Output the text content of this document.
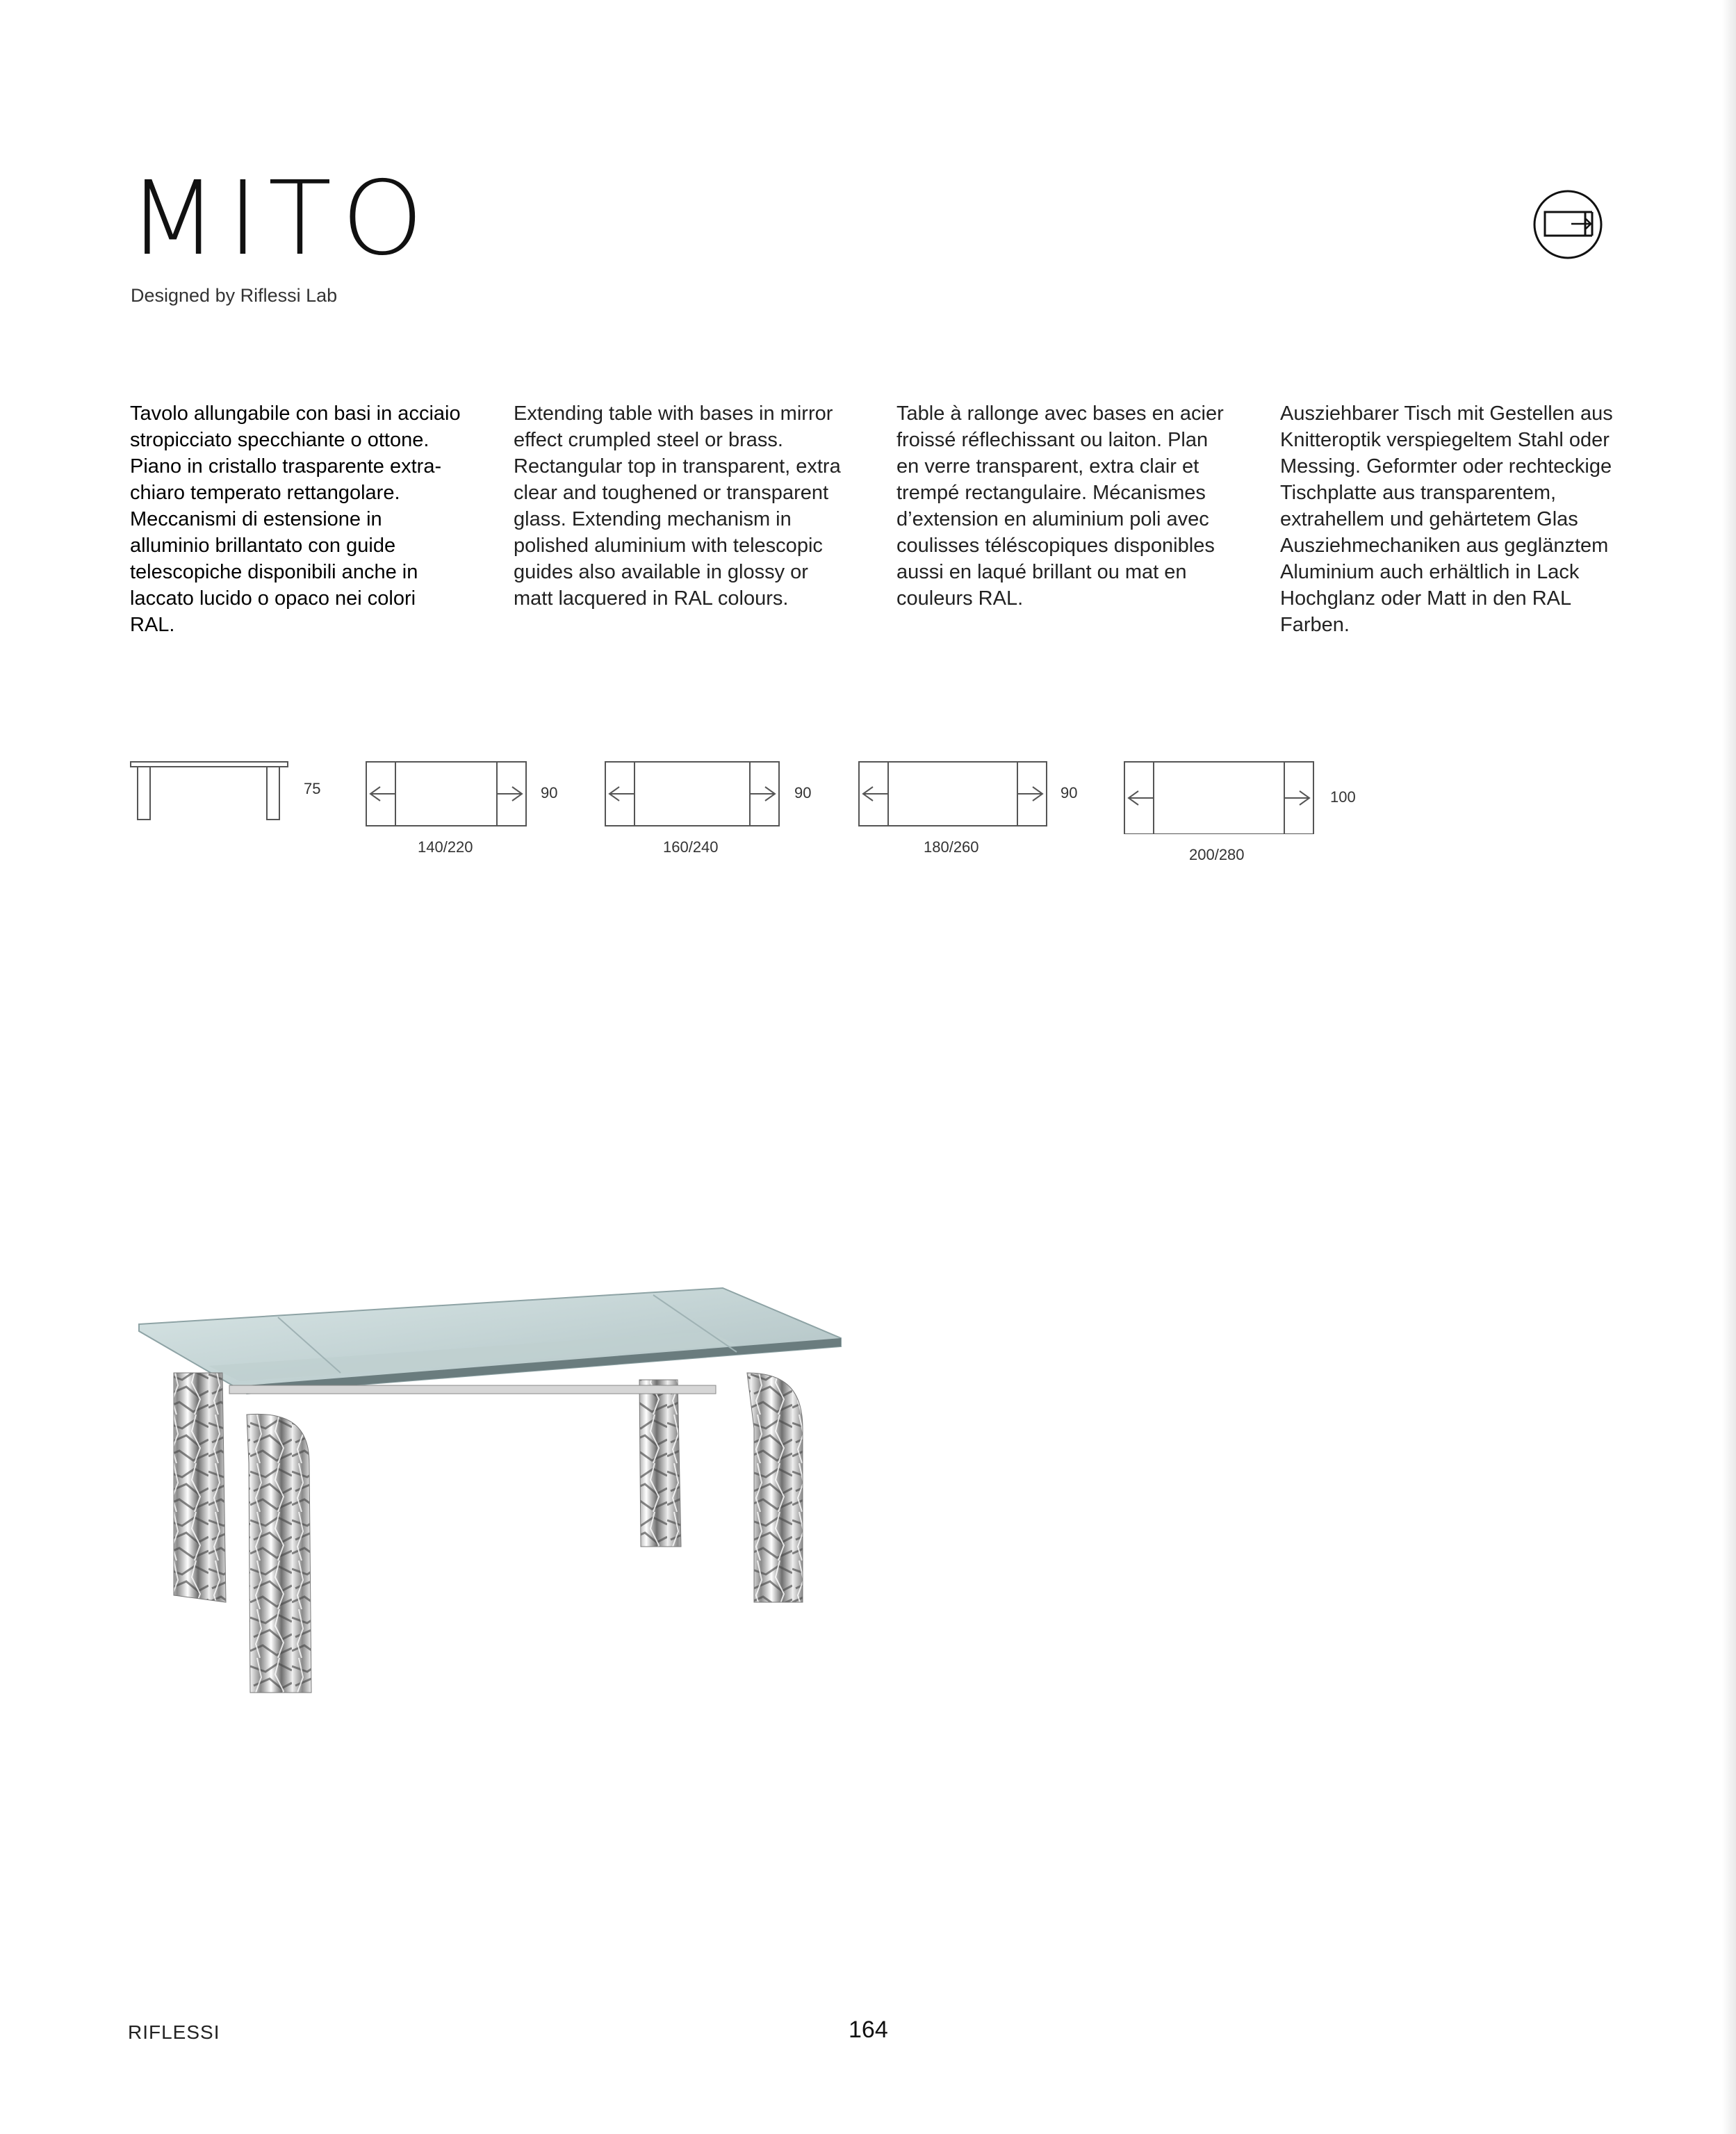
MITO
Designed by Riflessi Lab
Tavolo allungabile con basi in acciaio stropicciato specchiante o ottone. Piano in cristallo trasparente extra-chiaro temperato rettangolare. Meccanismi di estensione in alluminio brillantato con guide telescopiche disponibili anche in laccato lucido o opaco nei colori RAL.
Extending table with bases in mirror effect crumpled steel or brass. Rectangular top in transparent, extra clear and toughened or transparent glass. Extending mechanism in polished aluminium with telescopic guides also available in glossy or matt lacquered in RAL colours.
Table à rallonge avec bases en acier froissé réflechissant ou laiton. Plan en verre transparent, extra clair et trempé rectangulaire. Mécanismes d’extension en aluminium poli avec coulisses téléscopiques disponibles aussi en laqué brillant ou mat en couleurs RAL.
Ausziehbarer Tisch mit Gestellen aus Knitteroptik verspiegeltem Stahl oder Messing. Geformter oder rechteckige Tischplatte aus transparentem, extrahellem und gehärtetem Glas Ausziehmechaniken aus geglänztem Aluminium auch erhältlich in Lack Hochglanz oder Matt in den RAL Farben.
75	90
140/220
90
160/240
90
180/260
100
200/280
RIFLESSI	164
